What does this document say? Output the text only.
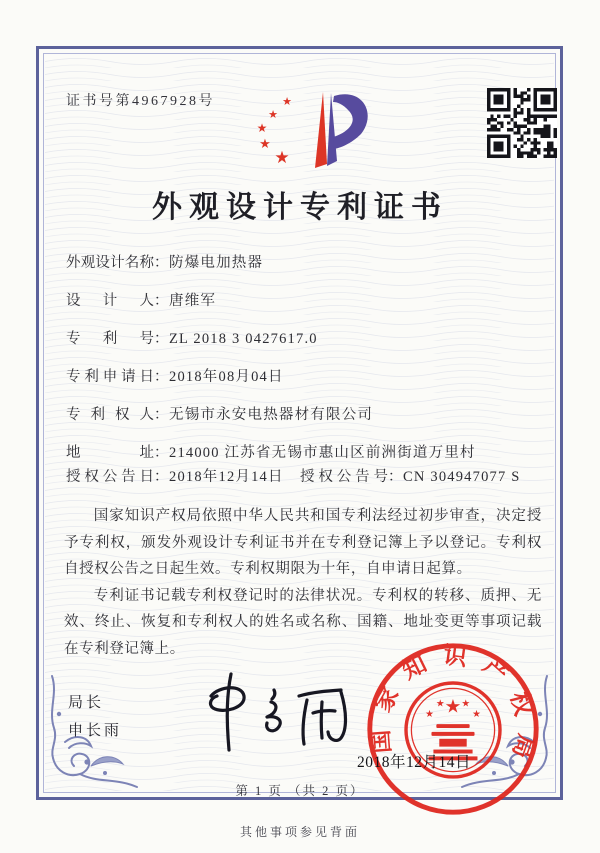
证书号第4967928号	★
★
★
★
★
外观设计专利证书
外观设计名称：防爆电加热器
设计人：唐维军
专利号：ZL 2018 3 0427617.0
专利申请日：2018年08月04日
专利权人：无锡市永安电热器材有限公司
地址：214000 江苏省无锡市惠山区前洲街道万里村
授权公告日：2018年12月14日	授权公告号：CN 304947077 S

国家知识产权局依照中华人民共和国专利法经过初步审查，决定授予专利权，颁发外观设计专利证书并在专利登记簿上予以登记。专利权自授权公告之日起生效。专利权期限为十年，自申请日起算。

专利证书记载专利权登记时的法律状况。专利权的转移、质押、无效、终止、恢复和专利权人的姓名或名称、国籍、地址变更等事项记载在专利登记簿上。

局长
申长雨	国家知识产权局
★
★
★ ★
★
2018年12月14日
第 1 页 （共 2 页）
其他事项参见背面
